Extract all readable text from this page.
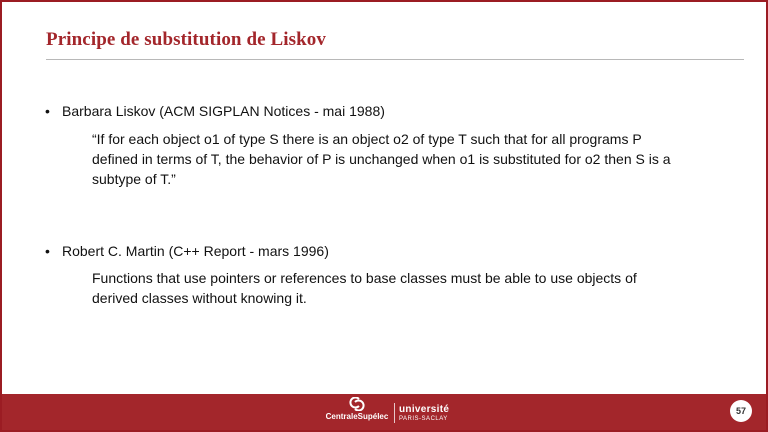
Principe de substitution de Liskov
• Barbara Liskov (ACM SIGPLAN Notices - mai 1988)
“If for each object o1 of type S there is an object o2 of type T such that for all programs P
defined in terms of T, the behavior of P is unchanged when o1 is substituted for o2 then S is a
subtype of T.”
• Robert C. Martin (C++ Report - mars 1996)
Functions that use pointers or references to base classes must be able to use objects of
derived classes without knowing it.
CentraleSupélec
université
PARIS-SACLAY
57
